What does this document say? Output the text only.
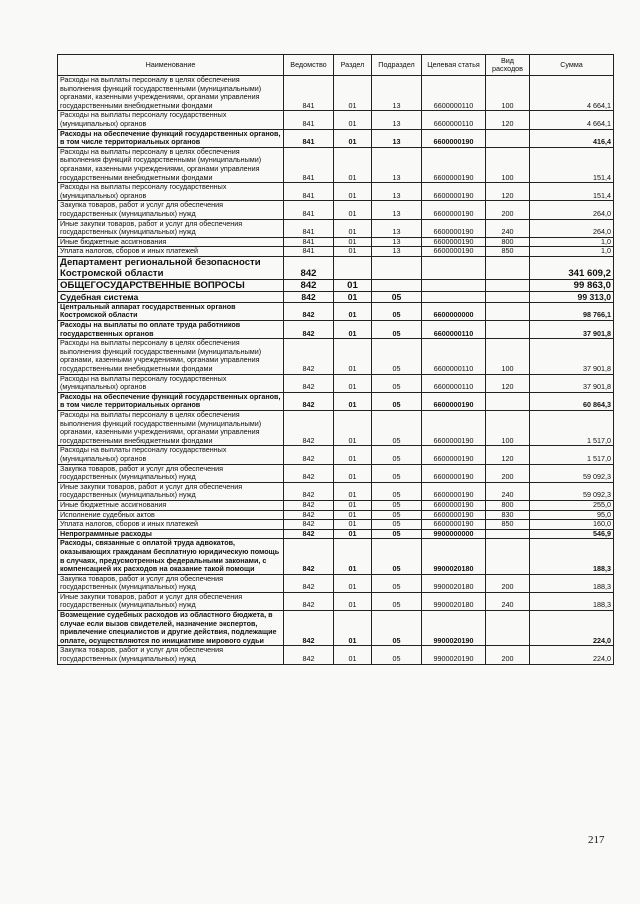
Наименование	Ведомство	Раздел	Подраздел	Целевая статья	Вид расходов	Сумма
Расходы на выплаты персоналу в целях обеспечения выполнения функций государственными (муниципальными) органами, казенными учреждениями, органами управления государственными внебюджетными фондами	841	01	13	6600000110	100	4 664,1
Расходы на выплаты персоналу государственных (муниципальных) органов	841	01	13	6600000110	120	4 664,1
Расходы на обеспечение функций государственных органов, в том числе территориальных органов	841	01	13	6600000190		416,4
Расходы на выплаты персоналу в целях обеспечения выполнения функций государственными (муниципальными) органами, казенными учреждениями, органами управления государственными внебюджетными фондами	841	01	13	6600000190	100	151,4
Расходы на выплаты персоналу государственных (муниципальных) органов	841	01	13	6600000190	120	151,4
Закупка товаров, работ и услуг для обеспечения государственных (муниципальных) нужд	841	01	13	6600000190	200	264,0
Иные закупки товаров, работ и услуг для обеспечения государственных (муниципальных) нужд	841	01	13	6600000190	240	264,0
Иные бюджетные ассигнования	841	01	13	6600000190	800	1,0
Уплата налогов, сборов и иных платежей	841	01	13	6600000190	850	1,0
Департамент региональной безопасности Костромской области	842					341 609,2
ОБЩЕГОСУДАРСТВЕННЫЕ ВОПРОСЫ	842	01				99 863,0
Судебная система	842	01	05			99 313,0
Центральный аппарат государственных органов Костромской области	842	01	05	6600000000		98 766,1
Расходы на выплаты по оплате труда работников государственных органов	842	01	05	6600000110		37 901,8
Расходы на выплаты персоналу в целях обеспечения выполнения функций государственными (муниципальными) органами, казенными учреждениями, органами управления государственными внебюджетными фондами	842	01	05	6600000110	100	37 901,8
Расходы на выплаты персоналу государственных (муниципальных) органов	842	01	05	6600000110	120	37 901,8
Расходы на обеспечение функций государственных органов, в том числе территориальных органов	842	01	05	6600000190		60 864,3
Расходы на выплаты персоналу в целях обеспечения выполнения функций государственными (муниципальными) органами, казенными учреждениями, органами управления государственными внебюджетными фондами	842	01	05	6600000190	100	1 517,0
Расходы на выплаты персоналу государственных (муниципальных) органов	842	01	05	6600000190	120	1 517,0
Закупка товаров, работ и услуг для обеспечения государственных (муниципальных) нужд	842	01	05	6600000190	200	59 092,3
Иные закупки товаров, работ и услуг для обеспечения государственных (муниципальных) нужд	842	01	05	6600000190	240	59 092,3
Иные бюджетные ассигнования	842	01	05	6600000190	800	255,0
Исполнение судебных актов	842	01	05	6600000190	830	95,0
Уплата налогов, сборов и иных платежей	842	01	05	6600000190	850	160,0
Непрограммные расходы	842	01	05	9900000000		546,9
Расходы, связанные с оплатой труда адвокатов, оказывающих гражданам бесплатную юридическую помощь в случаях, предусмотренных федеральными законами, с компенсацией их расходов на оказание такой помощи	842	01	05	9900020180		188,3
Закупка товаров, работ и услуг для обеспечения государственных (муниципальных) нужд	842	01	05	9900020180	200	188,3
Иные закупки товаров, работ и услуг для обеспечения государственных (муниципальных) нужд	842	01	05	9900020180	240	188,3
Возмещение судебных расходов из областного бюджета, в случае если вызов свидетелей, назначение экспертов, привлечение специалистов и другие действия, подлежащие оплате, осуществляются по инициативе мирового судьи	842	01	05	9900020190		224,0
Закупка товаров, работ и услуг для обеспечения государственных (муниципальных) нужд	842	01	05	9900020190	200	224,0
217
